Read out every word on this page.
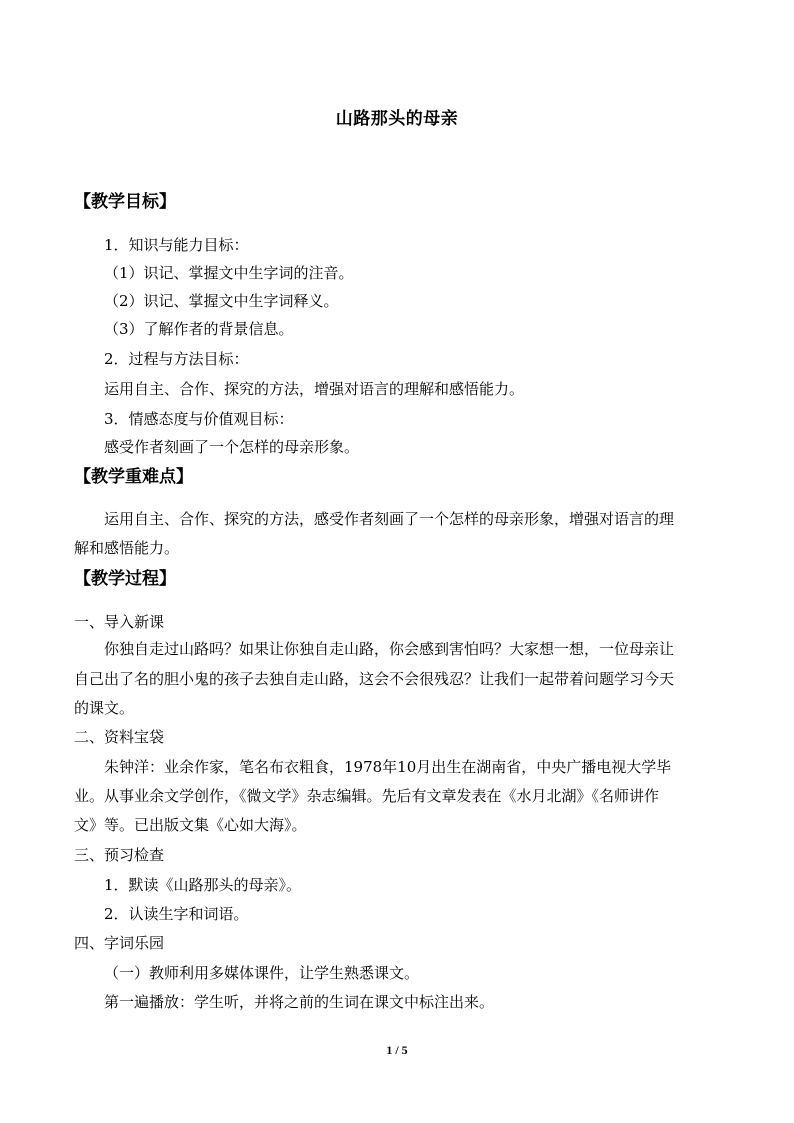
山路那头的母亲
【教学目标】
1．知识与能力目标：
（1）识记、掌握文中生字词的注音。
（2）识记、掌握文中生字词释义。
（3）了解作者的背景信息。
2．过程与方法目标：
运用自主、合作、探究的方法，增强对语言的理解和感悟能力。
3．情感态度与价值观目标：
感受作者刻画了一个怎样的母亲形象。
【教学重难点】
运用自主、合作、探究的方法，感受作者刻画了一个怎样的母亲形象，增强对语言的理
解和感悟能力。
【教学过程】
一、导入新课
你独自走过山路吗？如果让你独自走山路，你会感到害怕吗？大家想一想，一位母亲让
自己出了名的胆小鬼的孩子去独自走山路，这会不会很残忍？让我们一起带着问题学习今天
的课文。
二、资料宝袋
朱钟洋：业余作家，笔名布衣粗食，1978年10月出生在湖南省，中央广播电视大学毕
业。从事业余文学创作，《微文学》杂志编辑。先后有文章发表在《水月北湖》《名师讲作
文》等。已出版文集《心如大海》。
三、预习检查
1．默读《山路那头的母亲》。
2．认读生字和词语。
四、字词乐园
（一）教师利用多媒体课件，让学生熟悉课文。
第一遍播放：学生听，并将之前的生词在课文中标注出来。
1 / 5
